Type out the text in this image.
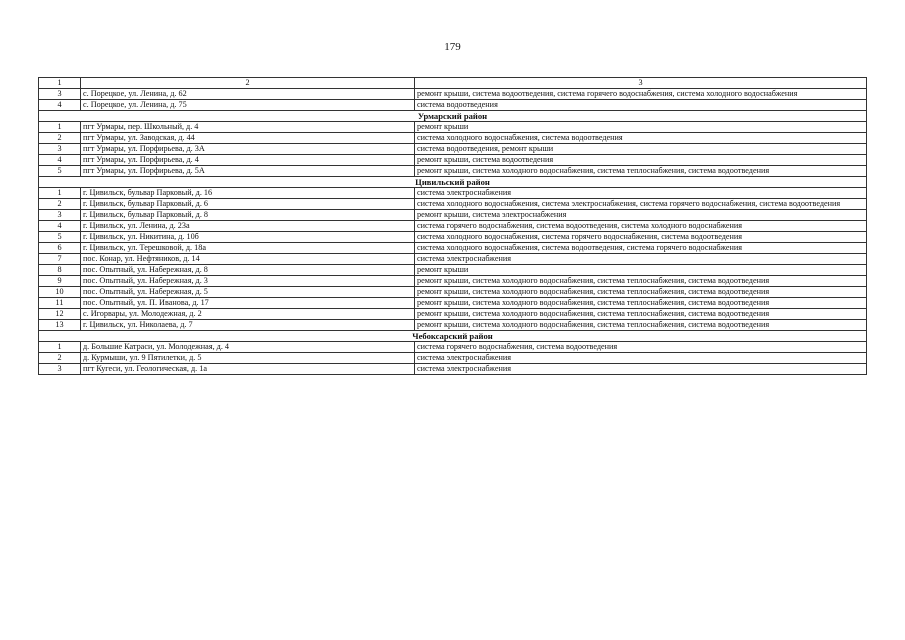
179
1	2	3
3	с. Порецкое, ул. Ленина, д. 62	ремонт крыши, система водоотведения, система горячего водоснабжения, система холодного водоснабжения
4	с. Порецкое, ул. Ленина, д. 75	система водоотведения
Урмарский район		
1	пгт Урмары, пер. Школьный, д. 4	ремонт крыши
2	пгт Урмары, ул. Заводская, д. 44	система холодного водоснабжения, система водоотведения
3	пгт Урмары, ул. Порфирьева, д. 3А	система водоотведения, ремонт крыши
4	пгт Урмары, ул. Порфирьева, д. 4	ремонт крыши, система водоотведения
5	пгт Урмары, ул. Порфирьева, д. 5А	ремонт крыши, система холодного водоснабжения, система теплоснабжения, система водоотведения
Цивильский район		
1	г. Цивильск, бульвар Парковый, д. 16	система электроснабжения
2	г. Цивильск, бульвар Парковый, д. 6	система холодного водоснабжения, система электроснабжения, система горячего водоснабжения, система водоотведения
3	г. Цивильск, бульвар Парковый, д. 8	ремонт крыши, система электроснабжения
4	г. Цивильск, ул. Ленина, д. 23а	система горячего водоснабжения, система водоотведения, система холодного водоснабжения
5	г. Цивильск, ул. Никитина, д. 10б	система холодного водоснабжения, система горячего водоснабжения, система водоотведения
6	г. Цивильск, ул. Терешковой, д. 18а	система холодного водоснабжения, система водоотведения, система горячего водоснабжения
7	пос. Конар, ул. Нефтяников, д. 14	система электроснабжения
8	пос. Опытный, ул. Набережная, д. 8	ремонт крыши
9	пос. Опытный, ул. Набережная, д. 3	ремонт крыши, система холодного водоснабжения, система теплоснабжения, система водоотведения
10	пос. Опытный, ул. Набережная, д. 5	ремонт крыши, система холодного водоснабжения, система теплоснабжения, система водоотведения
11	пос. Опытный, ул. П. Иванова, д. 17	ремонт крыши, система холодного водоснабжения, система теплоснабжения, система водоотведения
12	с. Игорвары, ул. Молодежная, д. 2	ремонт крыши, система холодного водоснабжения, система теплоснабжения, система водоотведения
13	г. Цивильск, ул. Николаева, д. 7	ремонт крыши, система холодного водоснабжения, система теплоснабжения, система водоотведения
Чебоксарский район		
1	д. Большие Катраси, ул. Молодежная, д. 4	система горячего водоснабжения, система водоотведения
2	д. Курмыши, ул. 9 Пятилетки, д. 5	система электроснабжения
3	пгт Кугеси, ул. Геологическая, д. 1а	система электроснабжения
